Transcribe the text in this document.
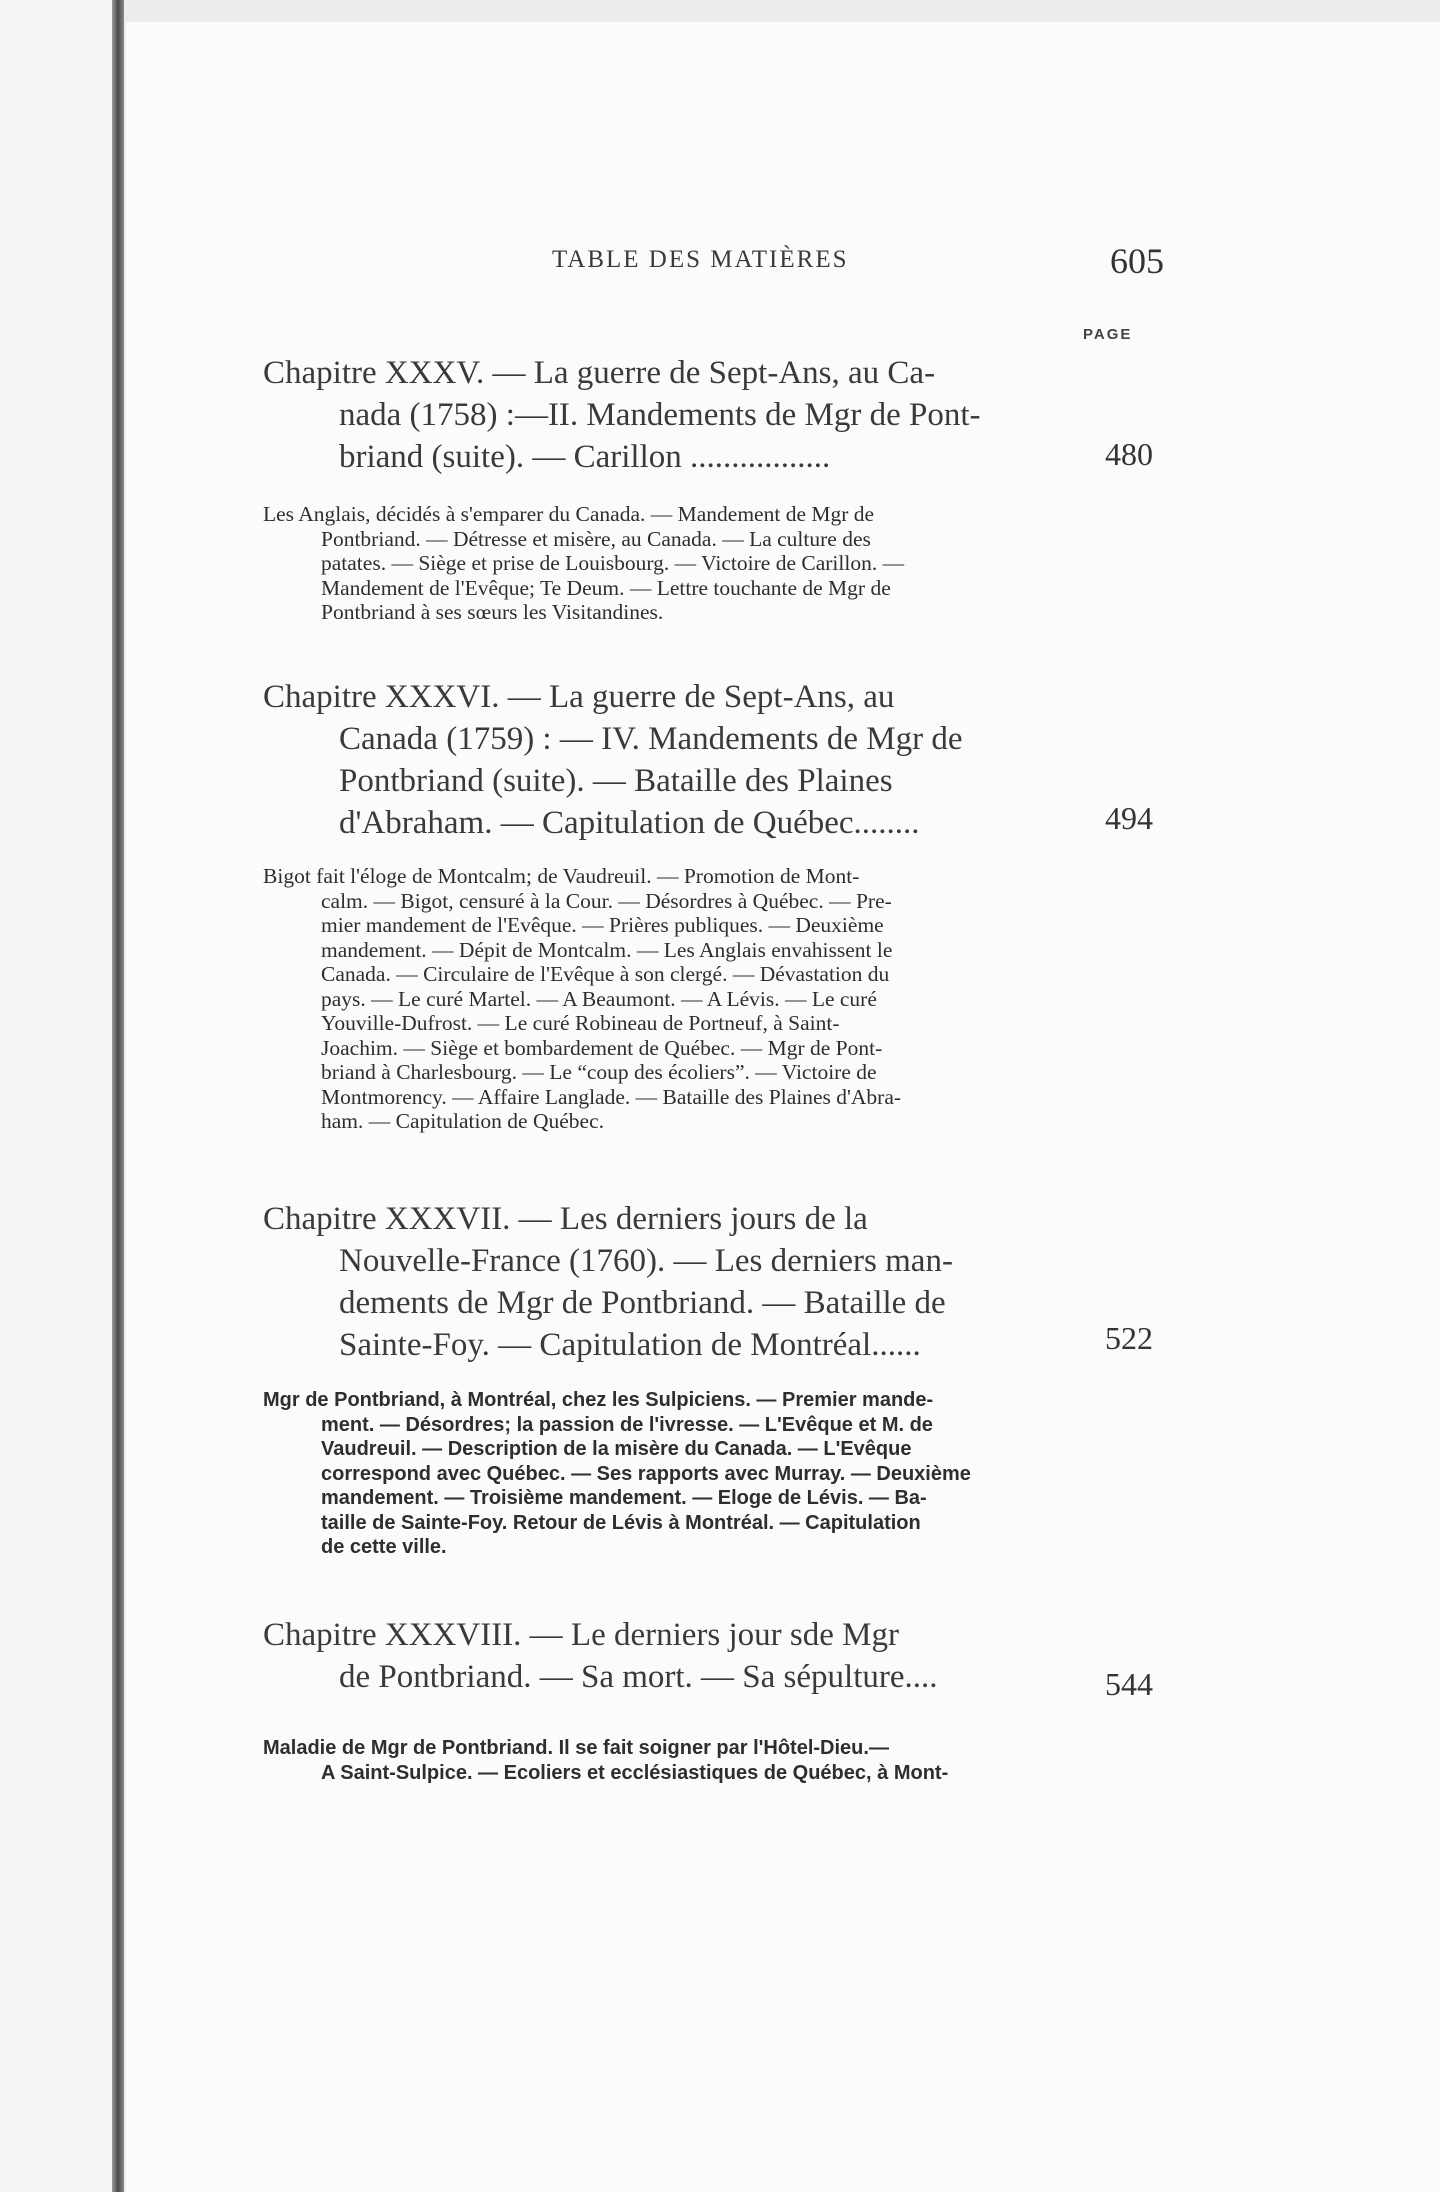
TABLE DES MATIÈRES	605
PAGE
Chapitre XXXV. — La guerre de Sept-Ans, au Ca-
nada (1758) :—II. Mandements de Mgr de Pont-
briand (suite). — Carillon .................	480
Les Anglais, décidés à s'emparer du Canada. — Mandement de Mgr de
Pontbriand. — Détresse et misère, au Canada. — La culture des
patates. — Siège et prise de Louisbourg. — Victoire de Carillon. —
Mandement de l'Evêque; Te Deum. — Lettre touchante de Mgr de
Pontbriand à ses sœurs les Visitandines.
Chapitre XXXVI. — La guerre de Sept-Ans, au
Canada (1759) : — IV. Mandements de Mgr de
Pontbriand (suite). — Bataille des Plaines
d'Abraham. — Capitulation de Québec........	494
Bigot fait l'éloge de Montcalm; de Vaudreuil. — Promotion de Mont-
calm. — Bigot, censuré à la Cour. — Désordres à Québec. — Pre-
mier mandement de l'Evêque. — Prières publiques. — Deuxième
mandement. — Dépit de Montcalm. — Les Anglais envahissent le
Canada. — Circulaire de l'Evêque à son clergé. — Dévastation du
pays. — Le curé Martel. — A Beaumont. — A Lévis. — Le curé
Youville-Dufrost. — Le curé Robineau de Portneuf, à Saint-
Joachim. — Siège et bombardement de Québec. — Mgr de Pont-
briand à Charlesbourg. — Le “coup des écoliers”. — Victoire de
Montmorency. — Affaire Langlade. — Bataille des Plaines d'Abra-
ham. — Capitulation de Québec.
Chapitre XXXVII. — Les derniers jours de la
Nouvelle-France (1760). — Les derniers man-
dements de Mgr de Pontbriand. — Bataille de
Sainte-Foy. — Capitulation de Montréal......	522
Mgr de Pontbriand, à Montréal, chez les Sulpiciens. — Premier mande-
ment. — Désordres; la passion de l'ivresse. — L'Evêque et M. de
Vaudreuil. — Description de la misère du Canada. — L'Evêque
correspond avec Québec. — Ses rapports avec Murray. — Deuxième
mandement. — Troisième mandement. — Eloge de Lévis. — Ba-
taille de Sainte-Foy. Retour de Lévis à Montréal. — Capitulation
de cette ville.
Chapitre XXXVIII. — Le derniers jour sde Mgr
de Pontbriand. — Sa mort. — Sa sépulture....	544
Maladie de Mgr de Pontbriand. Il se fait soigner par l'Hôtel-Dieu.—
A Saint-Sulpice. — Ecoliers et ecclésiastiques de Québec, à Mont-
